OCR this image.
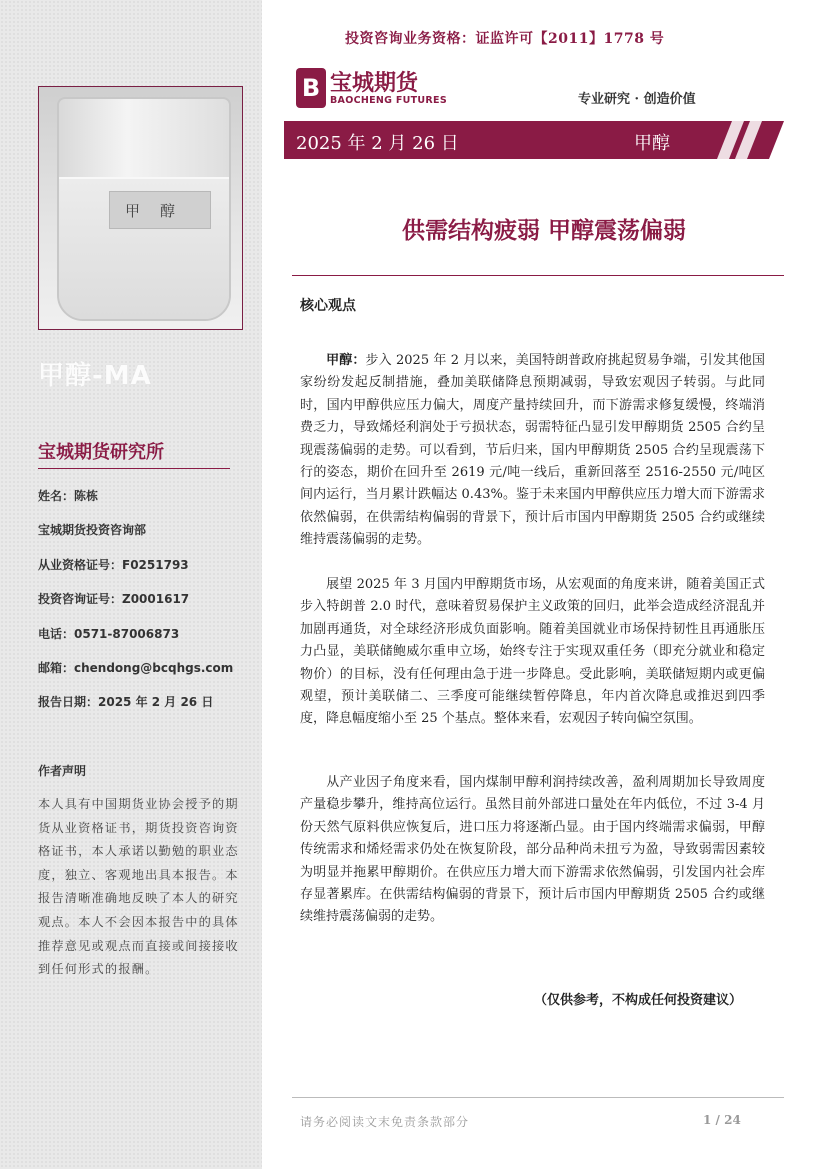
甲醇
甲醇-MA
宝城期货研究所
姓名：陈栋
宝城期货投资咨询部
从业资格证号：F0251793
投资咨询证号：Z0001617
电话：0571-87006873
邮箱：chendong@bcqhgs.com
报告日期：2025 年 2 月 26 日
作者声明
本人具有中国期货业协会授予的期货从业资格证书，期货投资咨询资格证书，本人承诺以勤勉的职业态度，独立、客观地出具本报告。本报告清晰准确地反映了本人的研究观点。本人不会因本报告中的具体推荐意见或观点而直接或间接接收到任何形式的报酬。
投资咨询业务资格：证监许可【2011】1778 号
B 宝城期货
BAOCHENG FUTURES	专业研究 · 创造价值
2025 年 2 月 26 日	甲醇
供需结构疲弱 甲醇震荡偏弱
核心观点

甲醇：步入 2025 年 2 月以来，美国特朗普政府挑起贸易争端，引发其他国家纷纷发起反制措施，叠加美联储降息预期减弱，导致宏观因子转弱。与此同时，国内甲醇供应压力偏大，周度产量持续回升，而下游需求修复缓慢，终端消费乏力，导致烯烃利润处于亏损状态，弱需特征凸显引发甲醇期货 2505 合约呈现震荡偏弱的走势。可以看到，节后归来，国内甲醇期货 2505 合约呈现震荡下行的姿态，期价在回升至 2619 元/吨一线后，重新回落至 2516-2550 元/吨区间内运行，当月累计跌幅达 0.43%。鉴于未来国内甲醇供应压力增大而下游需求依然偏弱，在供需结构偏弱的背景下，预计后市国内甲醇期货 2505 合约或继续维持震荡偏弱的走势。

展望 2025 年 3 月国内甲醇期货市场，从宏观面的角度来讲，随着美国正式步入特朗普 2.0 时代，意味着贸易保护主义政策的回归，此举会造成经济混乱并加剧再通货，对全球经济形成负面影响。随着美国就业市场保持韧性且再通胀压力凸显，美联储鲍威尔重申立场，始终专注于实现双重任务（即充分就业和稳定物价）的目标，没有任何理由急于进一步降息。受此影响，美联储短期内或更偏观望，预计美联储二、三季度可能继续暂停降息，年内首次降息或推迟到四季度，降息幅度缩小至 25 个基点。整体来看，宏观因子转向偏空氛围。

从产业因子角度来看，国内煤制甲醇利润持续改善，盈利周期加长导致周度产量稳步攀升，维持高位运行。虽然目前外部进口量处在年内低位，不过 3-4 月份天然气原料供应恢复后，进口压力将逐渐凸显。由于国内终端需求偏弱，甲醇传统需求和烯烃需求仍处在恢复阶段，部分品种尚未扭亏为盈，导致弱需因素较为明显并拖累甲醇期价。在供应压力增大而下游需求依然偏弱，引发国内社会库存显著累库。在供需结构偏弱的背景下，预计后市国内甲醇期货 2505 合约或继续维持震荡偏弱的走势。

（仅供参考，不构成任何投资建议）
请务必阅读文末免责条款部分	1 / 24
